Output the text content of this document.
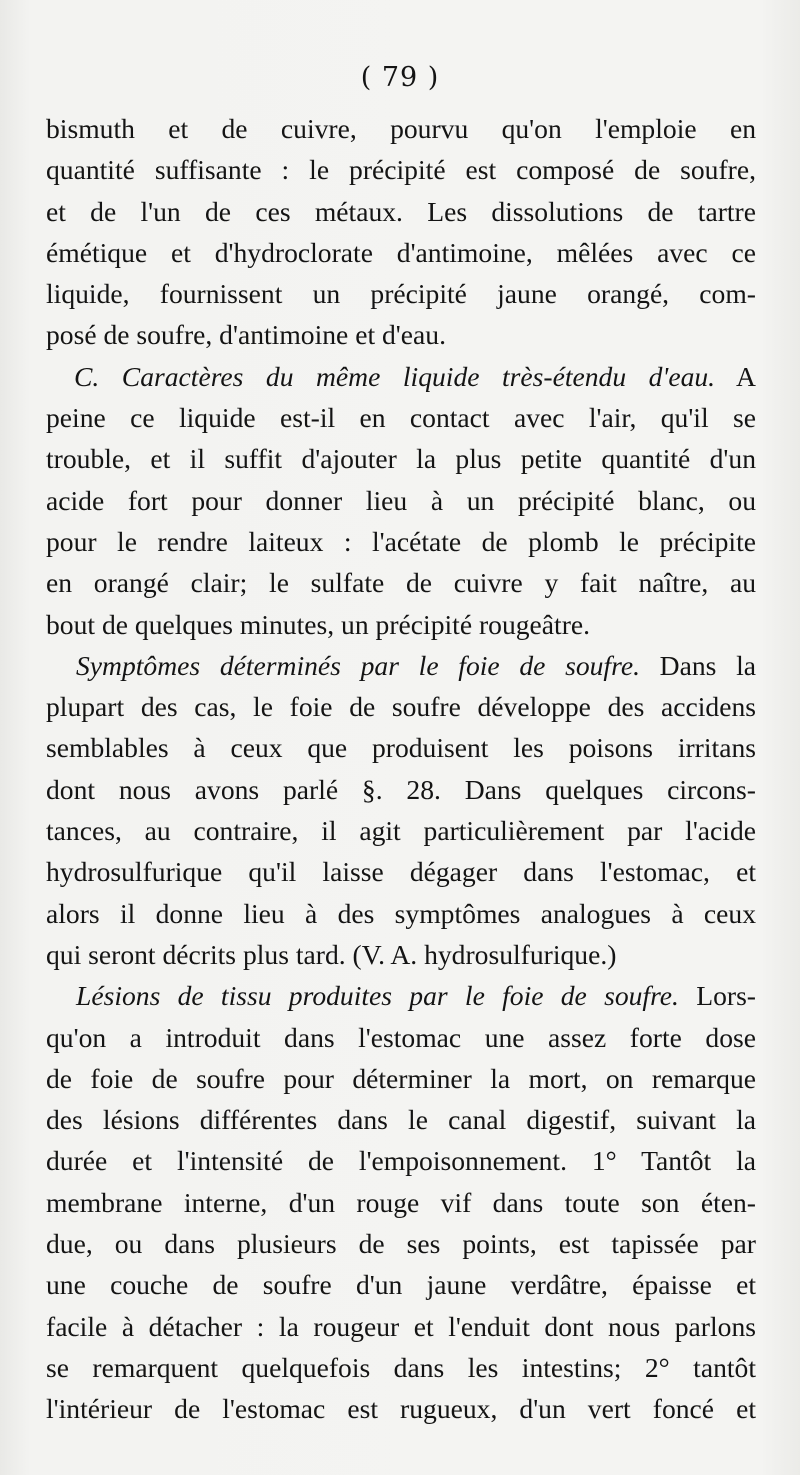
( 79 )
bismuth et de cuivre, pourvu qu'on l'emploie en
quantité suffisante : le précipité est composé de soufre,
et de l'un de ces métaux. Les dissolutions de tartre
émétique et d'hydroclorate d'antimoine, mêlées avec ce
liquide, fournissent un précipité jaune orangé, com-
posé de soufre, d'antimoine et d'eau.
C. Caractères du même liquide très-étendu d'eau. A
peine ce liquide est-il en contact avec l'air, qu'il se
trouble, et il suffit d'ajouter la plus petite quantité d'un
acide fort pour donner lieu à un précipité blanc, ou
pour le rendre laiteux : l'acétate de plomb le précipite
en orangé clair; le sulfate de cuivre y fait naître, au
bout de quelques minutes, un précipité rougeâtre.
Symptômes déterminés par le foie de soufre. Dans la
plupart des cas, le foie de soufre développe des accidens
semblables à ceux que produisent les poisons irritans
dont nous avons parlé §. 28. Dans quelques circons-
tances, au contraire, il agit particulièrement par l'acide
hydrosulfurique qu'il laisse dégager dans l'estomac, et
alors il donne lieu à des symptômes analogues à ceux
qui seront décrits plus tard. (V. A. hydrosulfurique.)
Lésions de tissu produites par le foie de soufre. Lors-
qu'on a introduit dans l'estomac une assez forte dose
de foie de soufre pour déterminer la mort, on remarque
des lésions différentes dans le canal digestif, suivant la
durée et l'intensité de l'empoisonnement. 1° Tantôt la
membrane interne, d'un rouge vif dans toute son éten-
due, ou dans plusieurs de ses points, est tapissée par
une couche de soufre d'un jaune verdâtre, épaisse et
facile à détacher : la rougeur et l'enduit dont nous parlons
se remarquent quelquefois dans les intestins; 2° tantôt
l'intérieur de l'estomac est rugueux, d'un vert foncé et
